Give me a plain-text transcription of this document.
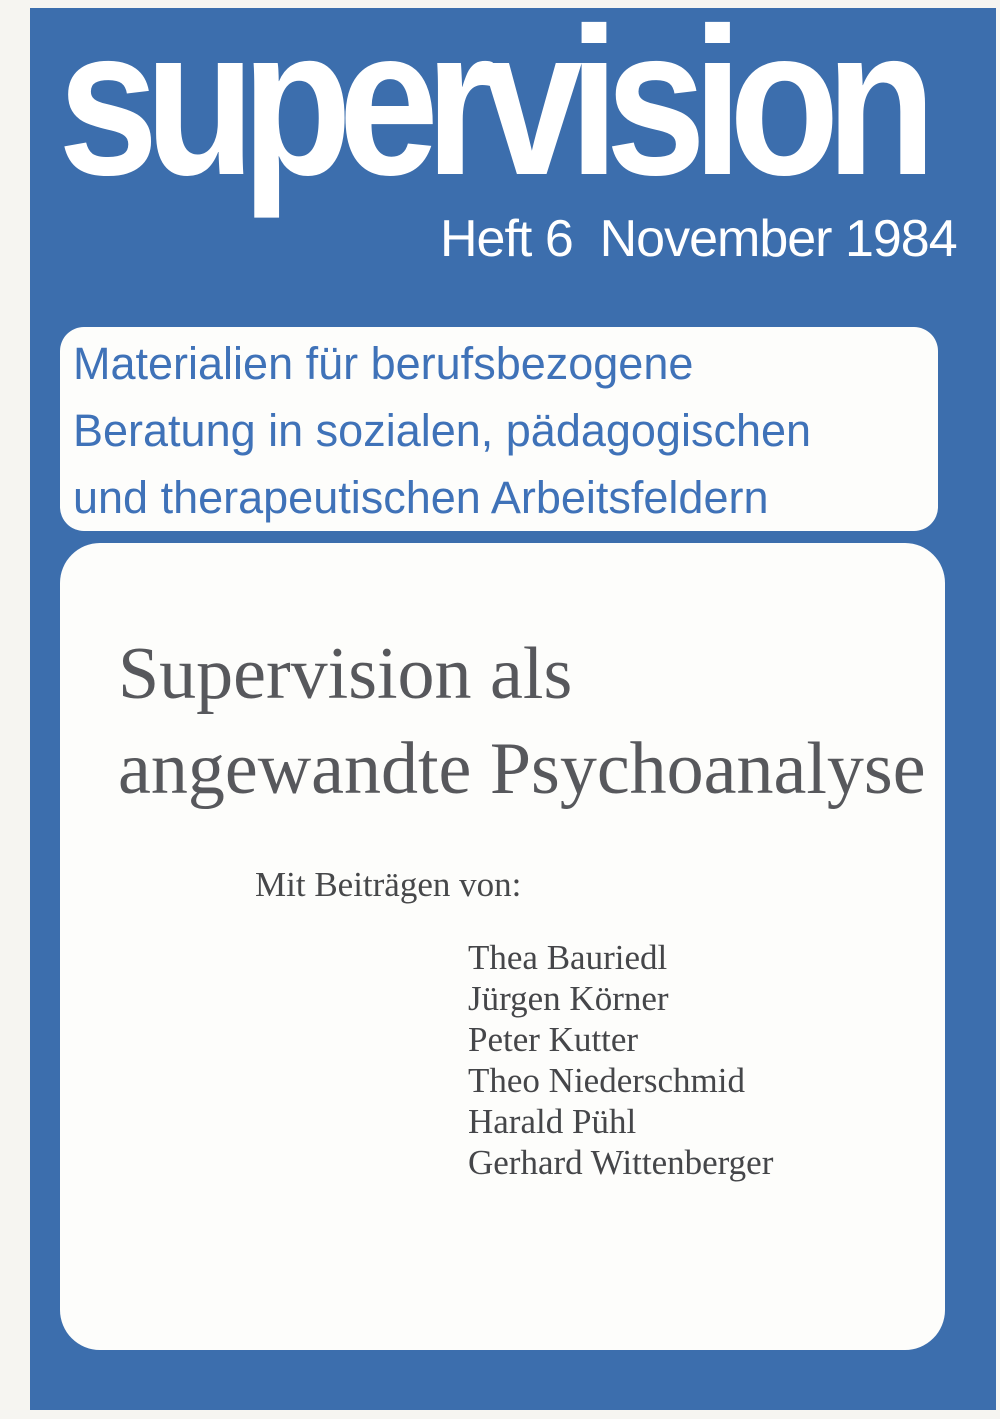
supervision
Heft 6  November 1984
Materialien für berufsbezogene
Beratung in sozialen, pädagogischen
und therapeutischen Arbeitsfeldern
Supervision als
angewandte Psychoanalyse
Mit Beiträgen von:
Thea Bauriedl
Jürgen Körner
Peter Kutter
Theo Niederschmid
Harald Pühl
Gerhard Wittenberger
